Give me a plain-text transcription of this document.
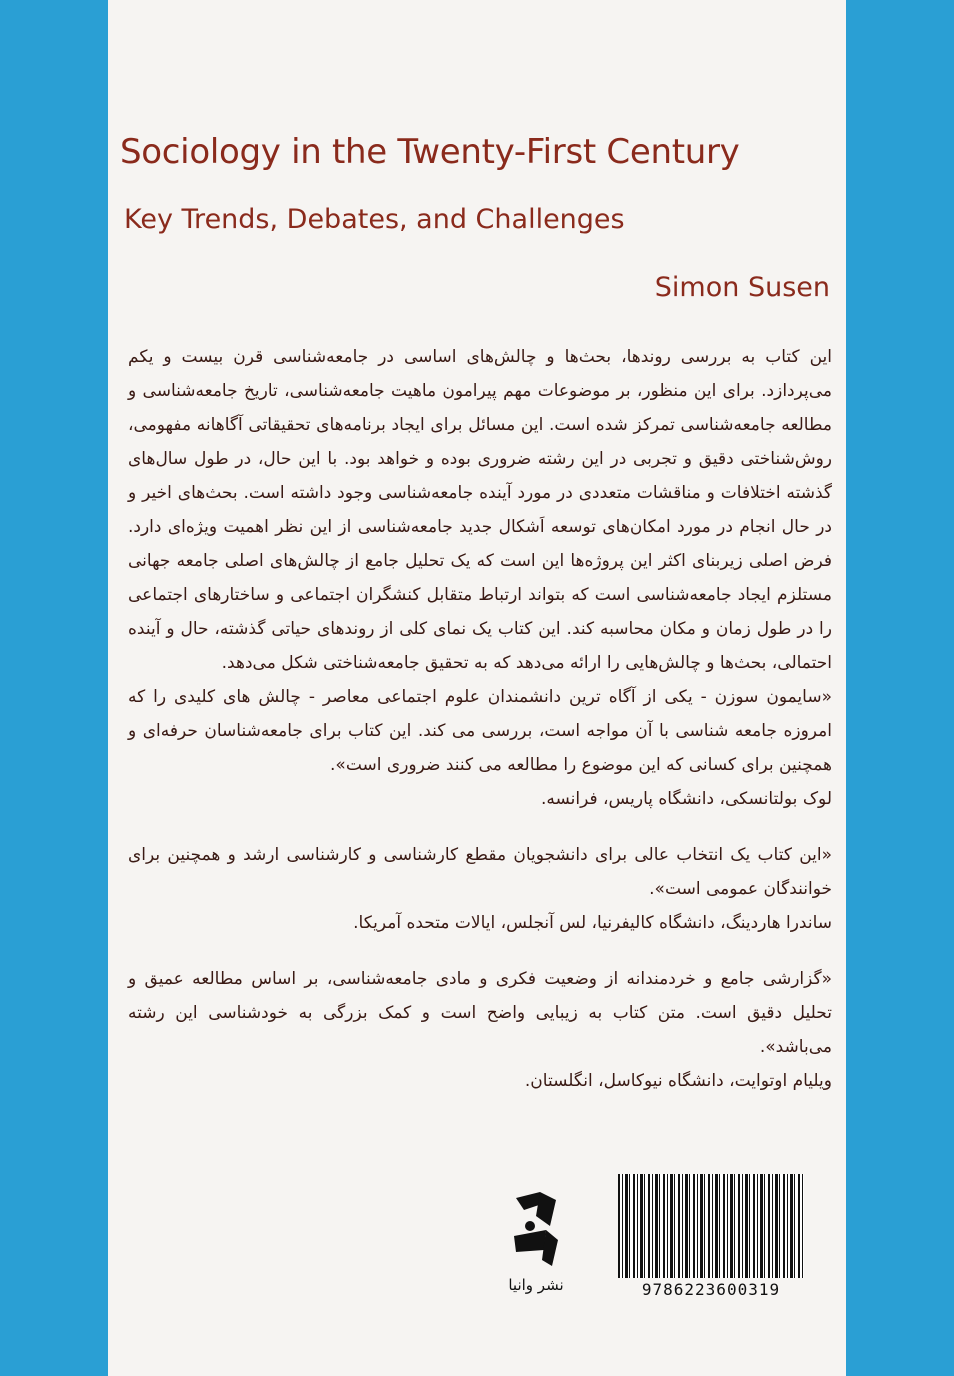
Sociology in the Twenty-First Century
Key Trends, Debates, and Challenges
Simon Susen

این کتاب به بررسی روندها، بحث‌ها و چالش‌های اساسی در جامعه‌شناسی قرن بیست و یکم می‌پردازد. برای این منظور، بر موضوعات مهم پیرامون ماهیت جامعه‌شناسی، تاریخ جامعه‌شناسی و مطالعه جامعه‌شناسی تمرکز شده است. این مسائل برای ایجاد برنامه‌های تحقیقاتی آگاهانه مفهومی، روش‌شناختی دقیق و تجربی در این رشته ضروری بوده و خواهد بود. با این حال، در طول سال‌های گذشته اختلافات و مناقشات متعددی در مورد آینده جامعه‌شناسی وجود داشته است. بحث‌های اخیر و در حال انجام در مورد امکان‌های توسعه اَشکال جدید جامعه‌شناسی از این نظر اهمیت ویژه‌ای دارد. فرض اصلی زیربنای اکثر این پروژه‌ها این است که یک تحلیل جامع از چالش‌های اصلی جامعه جهانی مستلزم ایجاد جامعه‌شناسی است که بتواند ارتباط متقابل کنشگران اجتماعی و ساختارهای اجتماعی را در طول زمان و مکان محاسبه کند. این کتاب یک نمای کلی از روندهای حیاتی گذشته، حال و آینده احتمالی، بحث‌ها و چالش‌هایی را ارائه می‌دهد که به تحقیق جامعه‌شناختی شکل می‌دهد.

«سایمون سوزن - یکی از آگاه ترین دانشمندان علوم اجتماعی معاصر - چالش های کلیدی را که امروزه جامعه شناسی با آن مواجه است، بررسی می کند. این کتاب برای جامعه‌شناسان حرفه‌ای و همچنین برای کسانی که این موضوع را مطالعه می کنند ضروری است».

لوک بولتانسکی، دانشگاه پاریس، فرانسه.

«این کتاب یک انتخاب عالی برای دانشجویان مقطع کارشناسی و کارشناسی ارشد و همچنین برای خوانندگان عمومی است».

ساندرا هاردینگ، دانشگاه کالیفرنیا، لس آنجلس، ایالات متحده آمریکا.

«گزارشی جامع و خردمندانه از وضعیت فکری و مادی جامعه‌شناسی، بر اساس مطالعه عمیق و تحلیل دقیق است. متن کتاب به زیبایی واضح است و کمک بزرگی به خودشناسی این رشته می‌باشد».

ویلیام اوتوایت، دانشگاه نیوکاسل، انگلستان.

نشر وانیا	9786223600319
